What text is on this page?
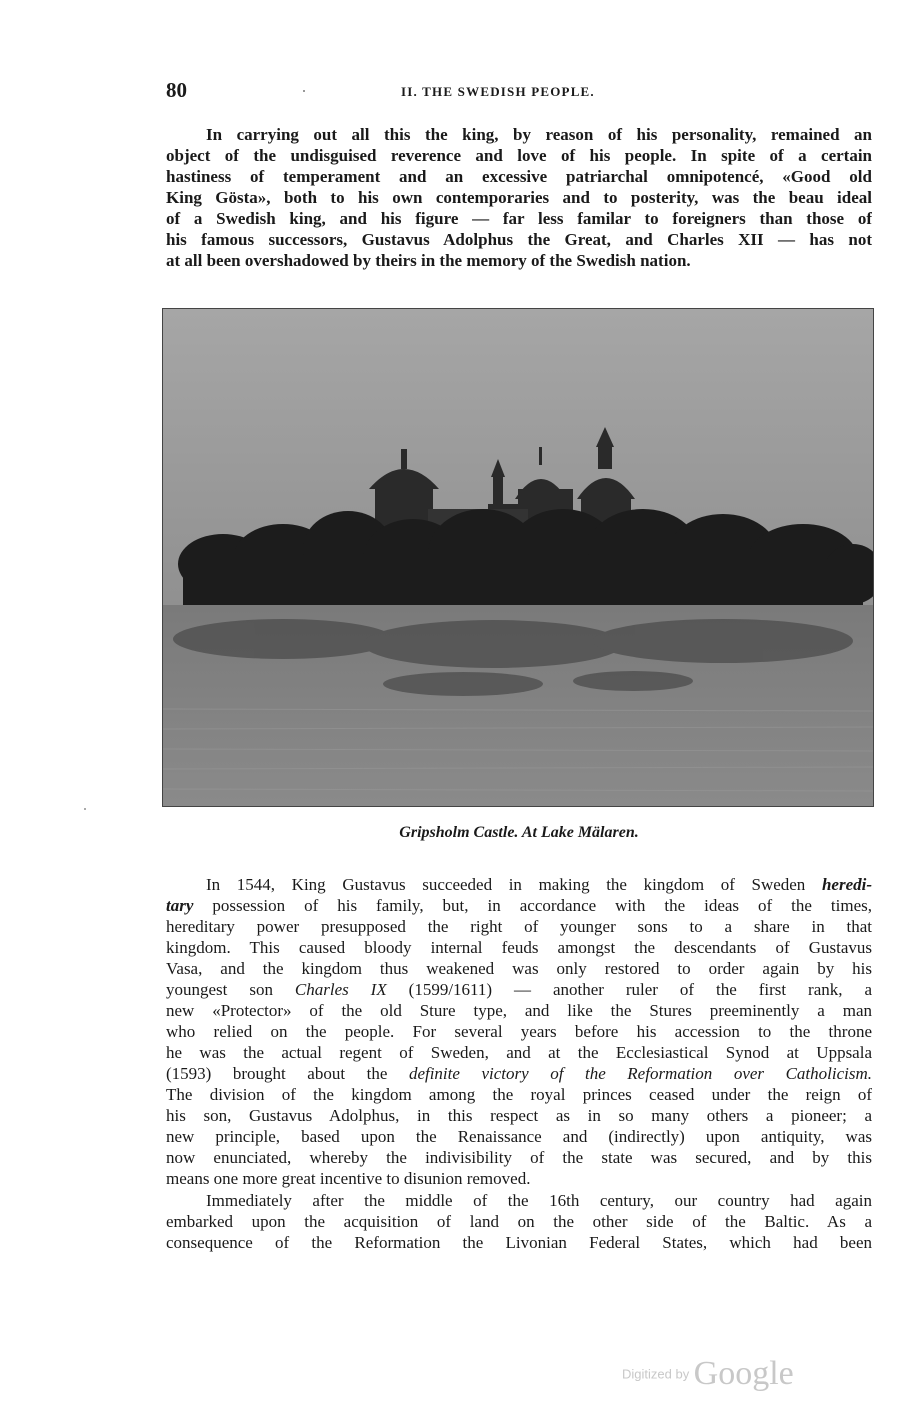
80	II. THE SWEDISH PEOPLE.
In carrying out all this the king, by reason of his personality, remained an
object of the undisguised reverence and love of his people. In spite of a certain
hastiness of temperament and an excessive patriarchal omnipotencé, «Good old
King Gösta», both to his own contemporaries and to posterity, was the beau ideal
of a Swedish king, and his figure — far less familar to foreigners than those of
his famous successors, Gustavus Adolphus the Great, and Charles XII — has not
at all been overshadowed by theirs in the memory of the Swedish nation.
Gripsholm Castle. At Lake Mälaren.
In 1544, King Gustavus succeeded in making the kingdom of Sweden heredi-
tary possession of his family, but, in accordance with the ideas of the times,
hereditary power presupposed the right of younger sons to a share in that
kingdom. This caused bloody internal feuds amongst the descendants of Gustavus
Vasa, and the kingdom thus weakened was only restored to order again by his
youngest son Charles IX (1599/1611) — another ruler of the first rank, a
new «Protector» of the old Sture type, and like the Stures preeminently a man
who relied on the people. For several years before his accession to the throne
he was the actual regent of Sweden, and at the Ecclesiastical Synod at Uppsala
(1593) brought about the definite victory of the Reformation over Catholicism.
The division of the kingdom among the royal princes ceased under the reign of
his son, Gustavus Adolphus, in this respect as in so many others a pioneer; a
new principle, based upon the Renaissance and (indirectly) upon antiquity, was
now enunciated, whereby the indivisibility of the state was secured, and by this
means one more great incentive to disunion removed.
Immediately after the middle of the 16th century, our country had again
embarked upon the acquisition of land on the other side of the Baltic. As a
consequence of the Reformation the Livonian Federal States, which had been
Digitized by Google
